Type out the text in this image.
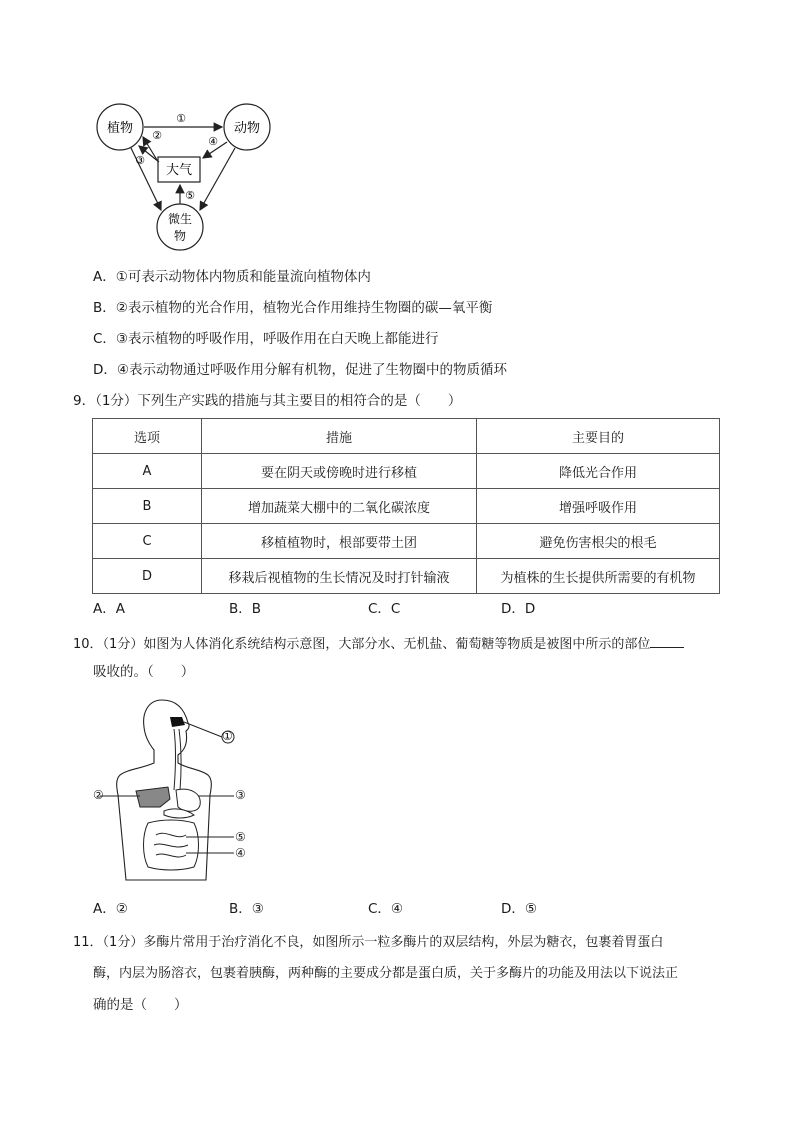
植物	动物
大气
微生
物
①
②
③
④
⑤
A．①可表示动物体内物质和能量流向植物体内
B．②表示植物的光合作用，植物光合作用维持生物圈的碳—氧平衡
C．③表示植物的呼吸作用，呼吸作用在白天晚上都能进行
D．④表示动物通过呼吸作用分解有机物，促进了生物圈中的物质循环
9．（1分）下列生产实践的措施与其主要目的相符合的是（　　）
选项	措施	主要目的
A	要在阴天或傍晚时进行移植	降低光合作用
B	增加蔬菜大棚中的二氧化碳浓度	增强呼吸作用
C	移植植物时，根部要带土团	避免伤害根尖的根毛
D	移栽后视植物的生长情况及时打针输液	为植株的生长提供所需要的有机物
A．A	B．B	C．C	D．D
10．（1分）如图为人体消化系统结构示意图，大部分水、无机盐、葡萄糖等物质是被图中所示的部位
吸收的。（　　）
①
②	③
⑤
④
A．②	B．③	C．④	D．⑤
11．（1分）多酶片常用于治疗消化不良，如图所示一粒多酶片的双层结构，外层为糖衣，包裹着胃蛋白
酶，内层为肠溶衣，包裹着胰酶，两种酶的主要成分都是蛋白质，关于多酶片的功能及用法以下说法正
确的是（　　）
